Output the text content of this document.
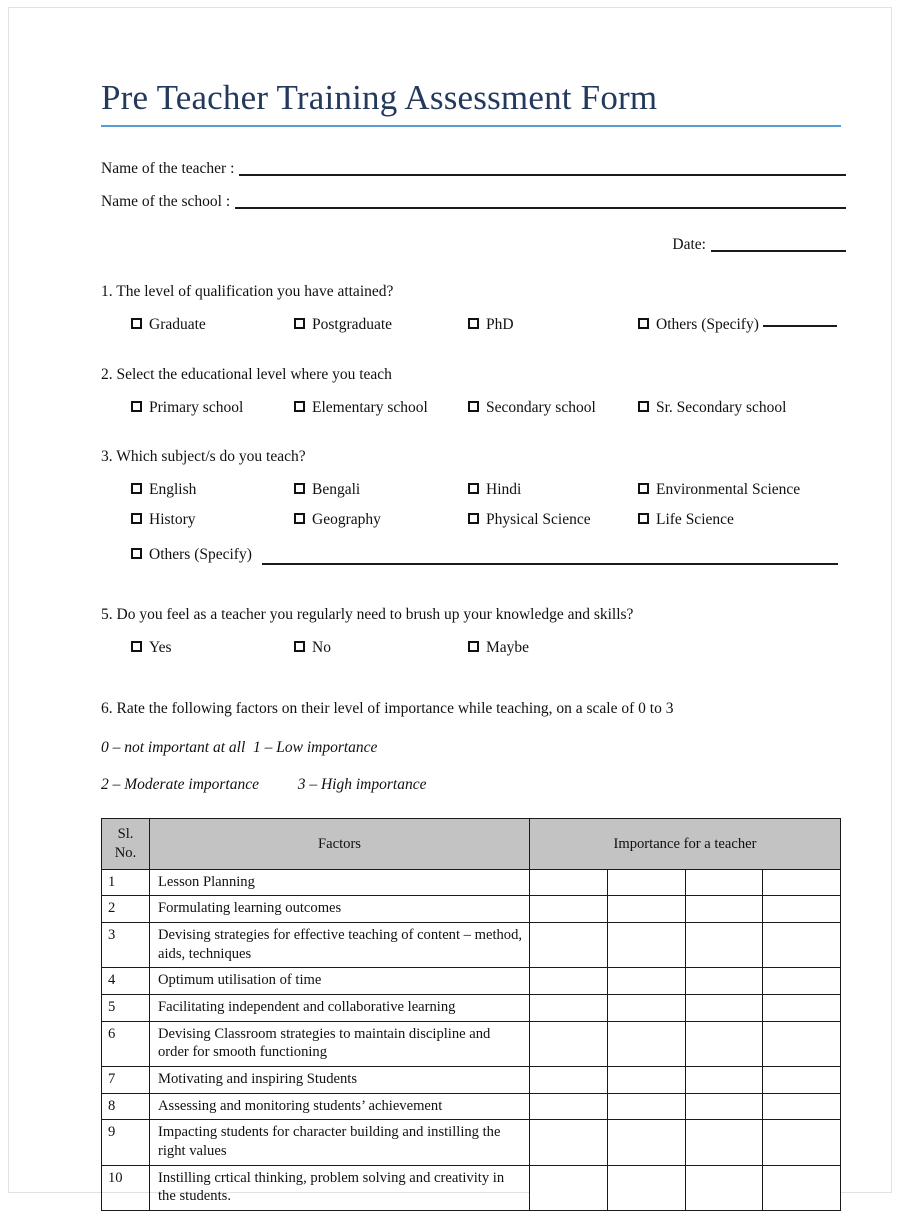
Pre Teacher Training Assessment Form
Name of the teacher :
Name of the school :
Date:
1. The level of qualification you have attained?
Graduate	Postgraduate	PhD	Others (Specify)
2. Select the educational level where you teach
Primary school	Elementary school	Secondary school	Sr. Secondary school
3. Which subject/s do you teach?
English	Bengali	Hindi	Environmental Science
History	Geography	Physical Science	Life Science
Others (Specify)
5. Do you feel as a teacher you regularly need to brush up your knowledge and skills?
Yes	No	Maybe
6. Rate the following factors on their level of importance while teaching, on a scale of 0 to 3
0 – not important at all  1 – Low importance
2 – Moderate importance          3 – High importance
Sl.
No.	Factors	Importance for a teacher			
1	Lesson Planning				
2	Formulating learning outcomes				
3	Devising strategies for effective teaching of content – method, aids, techniques				
4	Optimum utilisation of time				
5	Facilitating independent and collaborative learning				
6	Devising Classroom strategies to maintain discipline and order for smooth functioning				
7	Motivating and inspiring Students				
8	Assessing and monitoring students’ achievement				
9	Impacting students for character building and instilling the right values				
10	Instilling crtical thinking, problem solving and creativity in the students.				
